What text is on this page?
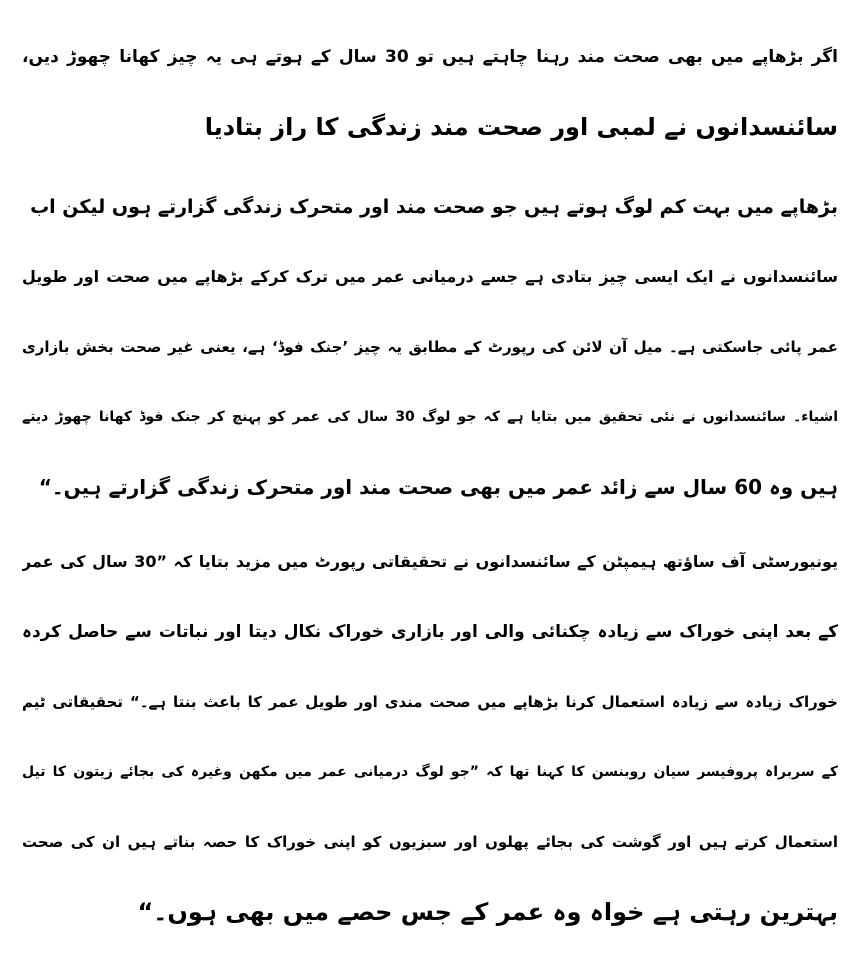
اگر بڑھاپے میں بھی صحت مند رہنا چاہتے ہیں تو 30 سال کے ہوتے ہی یہ چیز کھانا چھوڑ دیں،
سائنسدانوں نے لمبی اور صحت مند زندگی کا راز بتادیا
بڑھاپے میں بہت کم لوگ ہوتے ہیں جو صحت مند اور متحرک زندگی گزارتے ہوں لیکن اب
سائنسدانوں نے ایک ایسی چیز بتادی ہے جسے درمیانی عمر میں ترک کرکے بڑھاپے میں صحت اور طویل
عمر پائی جاسکتی ہے۔ میل آن لائن کی رپورٹ کے مطابق یہ چیز ’جنک فوڈ‘ ہے، یعنی غیر صحت بخش بازاری
اشیاء۔ سائنسدانوں نے نئی تحقیق میں بتایا ہے کہ جو لوگ 30 سال کی عمر کو پہنچ کر جنک فوڈ کھانا چھوڑ دیتے
ہیں وہ 60 سال سے زائد عمر میں بھی صحت مند اور متحرک زندگی گزارتے ہیں۔“
یونیورسٹی آف ساﺅتھ ہیمپٹن کے سائنسدانوں نے تحقیقاتی رپورٹ میں مزید بتایا کہ ”30 سال کی عمر
کے بعد اپنی خوراک سے زیادہ چکنائی والی اور بازاری خوراک نکال دیتا اور نباتات سے حاصل کردہ
خوراک زیادہ سے زیادہ استعمال کرنا بڑھاپے میں صحت مندی اور طویل عمر کا باعث بنتا ہے۔“ تحقیقاتی ٹیم
کے سربراہ پروفیسر سیان روبنسن کا کہنا تھا کہ ”جو لوگ درمیانی عمر میں مکھن وغیرہ کی بجائے زیتون کا تیل
استعمال کرتے ہیں اور گوشت کی بجائے پھلوں اور سبزیوں کو اپنی خوراک کا حصہ بناتے ہیں ان کی صحت
بہترین رہتی ہے خواہ وہ عمر کے جس حصے میں بھی ہوں۔“
